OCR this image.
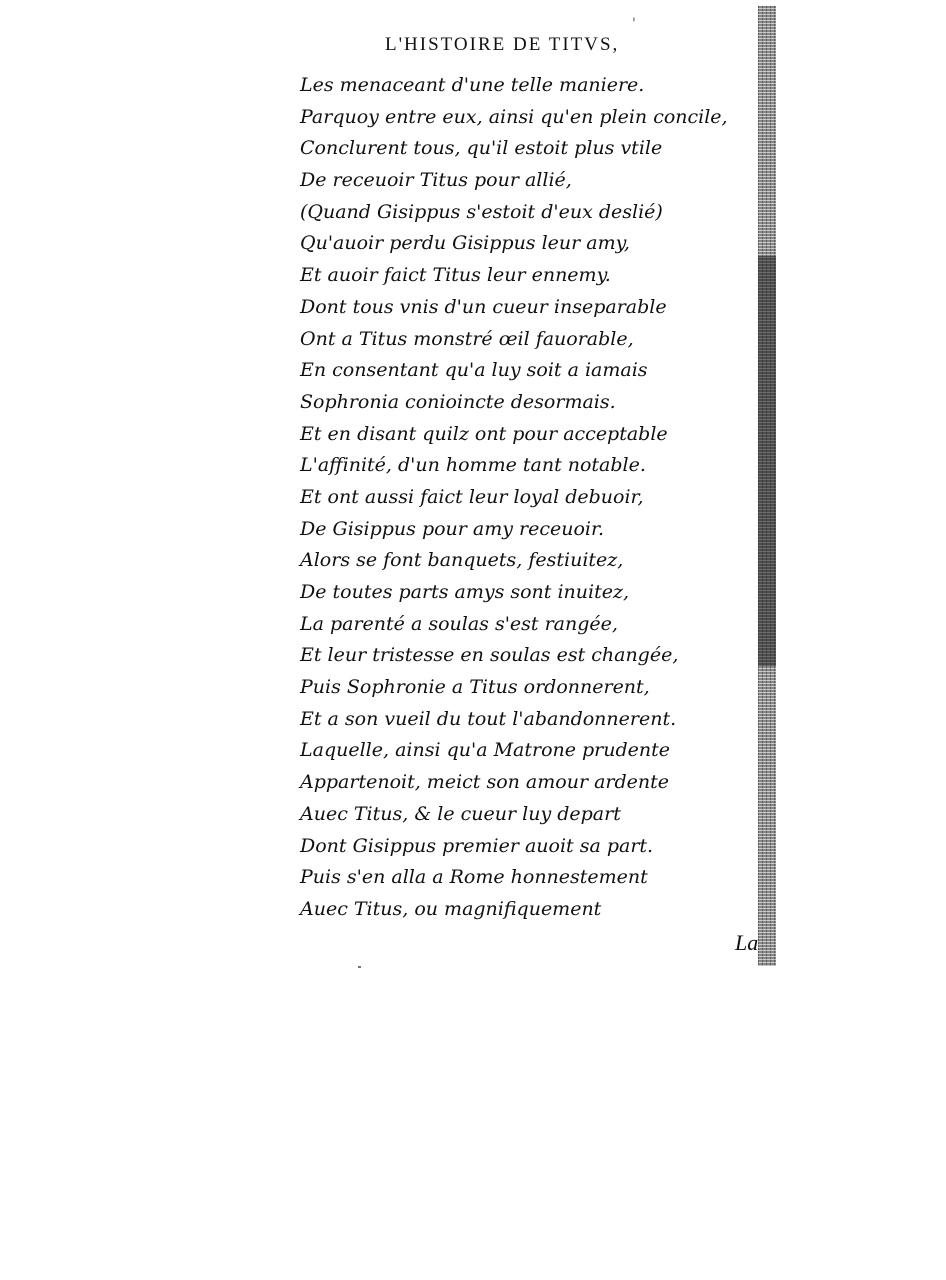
'
L'HISTOIRE DE TITVS,
Les menaceant d'une telle maniere.
Parquoy entre eux, ainsi qu'en plein concile,
Conclurent tous, qu'il estoit plus vtile
De receuoir Titus pour allié,
(Quand Gisippus s'estoit d'eux deslié)
Qu'auoir perdu Gisippus leur amy,
Et auoir faict Titus leur ennemy.
Dont tous vnis d'un cueur inseparable
Ont a Titus monstré œil fauorable,
En consentant qu'a luy soit a iamais
Sophronia conioincte desormais.
Et en disant quilz ont pour acceptable
L'affinité, d'un homme tant notable.
Et ont aussi faict leur loyal debuoir,
De Gisippus pour amy receuoir.
Alors se font banquets, festiuitez,
De toutes parts amys sont inuitez,
La parenté a soulas s'est rangée,
Et leur tristesse en soulas est changée,
Puis Sophronie a Titus ordonnerent,
Et a son vueil du tout l'abandonnerent.
Laquelle, ainsi qu'a Matrone prudente
Appartenoit, meict son amour ardente
Auec Titus, & le cueur luy depart
Dont Gisippus premier auoit sa part.
Puis s'en alla a Rome honnestement
Auec Titus, ou magnifiquement
La
